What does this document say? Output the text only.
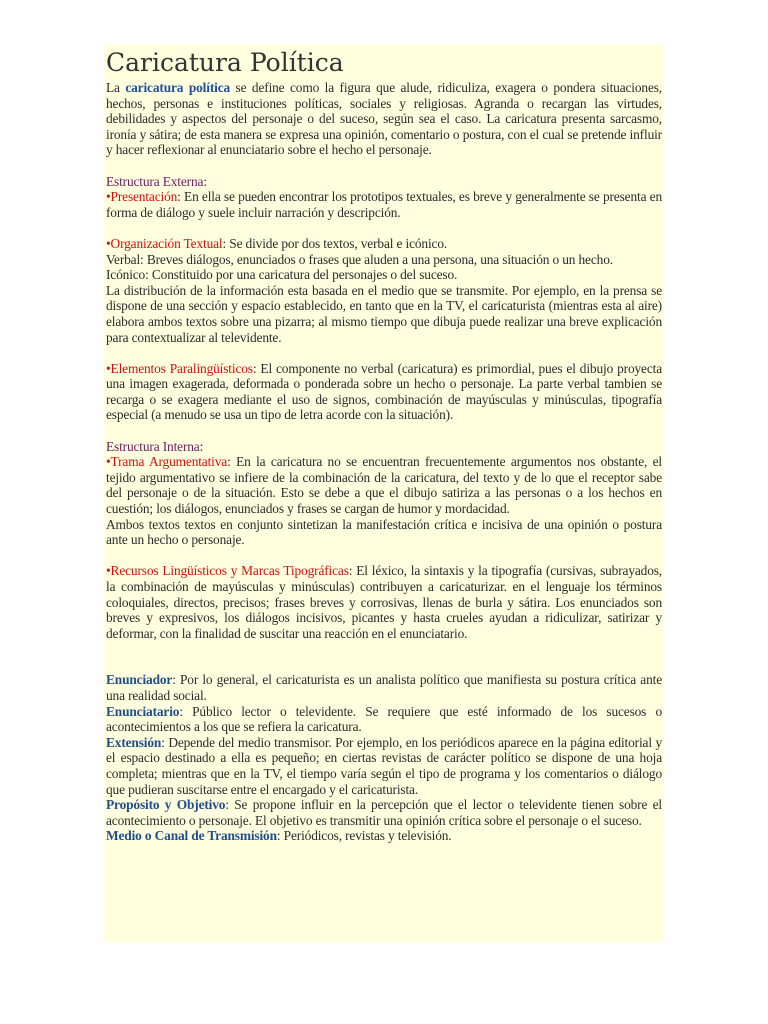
Caricatura Política

La caricatura política se define como la figura que alude, ridiculiza, exagera o pondera situaciones, hechos, personas e instituciones políticas, sociales y religiosas. Agranda o recargan las virtudes, debilidades y aspectos del personaje o del suceso, según sea el caso. La caricatura presenta sarcasmo, ironía y sátira; de esta manera se expresa una opinión, comentario o postura, con el cual se pretende influir y hacer reflexionar al enunciatario sobre el hecho el personaje.

Estructura Externa:

•Presentación: En ella se pueden encontrar los prototipos textuales, es breve y generalmente se presenta en forma de diálogo y suele incluir narración y descripción.

•Organización Textual: Se divide por dos textos, verbal e icónico.

Verbal: Breves diálogos, enunciados o frases que aluden a una persona, una situación o un hecho.

Icónico: Constituido por una caricatura del personajes o del suceso.

La distribución de la información esta basada en el medio que se transmite. Por ejemplo, en la prensa se dispone de una sección y espacio establecido, en tanto que en la TV, el caricaturista (mientras esta al aire) elabora ambos textos sobre una pizarra; al mismo tiempo que dibuja puede realizar una breve explicación para contextualizar al televidente.

•Elementos Paralingüísticos: El componente no verbal (caricatura) es primordial, pues el dibujo proyecta una imagen exagerada, deformada o ponderada sobre un hecho o personaje. La parte verbal tambien se recarga o se exagera mediante el uso de signos, combinación de mayúsculas y minúsculas, tipografía especial (a menudo se usa un tipo de letra acorde con la situación).

Estructura Interna:

•Trama Argumentativa: En la caricatura no se encuentran frecuentemente argumentos nos obstante, el tejido argumentativo se infiere de la combinación de la caricatura, del texto y de lo que el receptor sabe del personaje o de la situación. Esto se debe a que el dibujo satiriza a las personas o a los hechos en cuestión; los diálogos, enunciados y frases se cargan de humor y mordacidad.

Ambos textos textos en conjunto sintetizan la manifestación crítica e incisiva de una opinión o postura ante un hecho o personaje.

•Recursos Lingüísticos y Marcas Tipográficas: El léxico, la sintaxis y la tipografía (cursivas, subrayados, la combinación de mayúsculas y minúsculas) contribuyen a caricaturizar. en el lenguaje los términos coloquiales, directos, precisos; frases breves y corrosivas, llenas de burla y sátira. Los enunciados son breves y expresivos, los diálogos incisivos, picantes y hasta crueles ayudan a ridiculizar, satirizar y deformar, con la finalidad de suscitar una reacción en el enunciatario.

Enunciador: Por lo general, el caricaturista es un analista político que manifiesta su postura crítica ante una realidad social.

Enunciatario: Público lector o televidente. Se requiere que esté informado de los sucesos o acontecimientos a los que se refiera la caricatura.

Extensión: Depende del medio transmisor. Por ejemplo, en los periódicos aparece en la página editorial y el espacio destinado a ella es pequeño; en ciertas revistas de carácter político se dispone de una hoja completa; mientras que en la TV, el tiempo varía según el tipo de programa y los comentarios o diálogo que pudieran suscitarse entre el encargado y el caricaturista.

Propósito y Objetivo: Se propone influir en la percepción que el lector o televidente tienen sobre el acontecimiento o personaje. El objetivo es transmitir una opinión crítica sobre el personaje o el suceso.

Medio o Canal de Transmisión: Periódicos, revistas y televisión.
